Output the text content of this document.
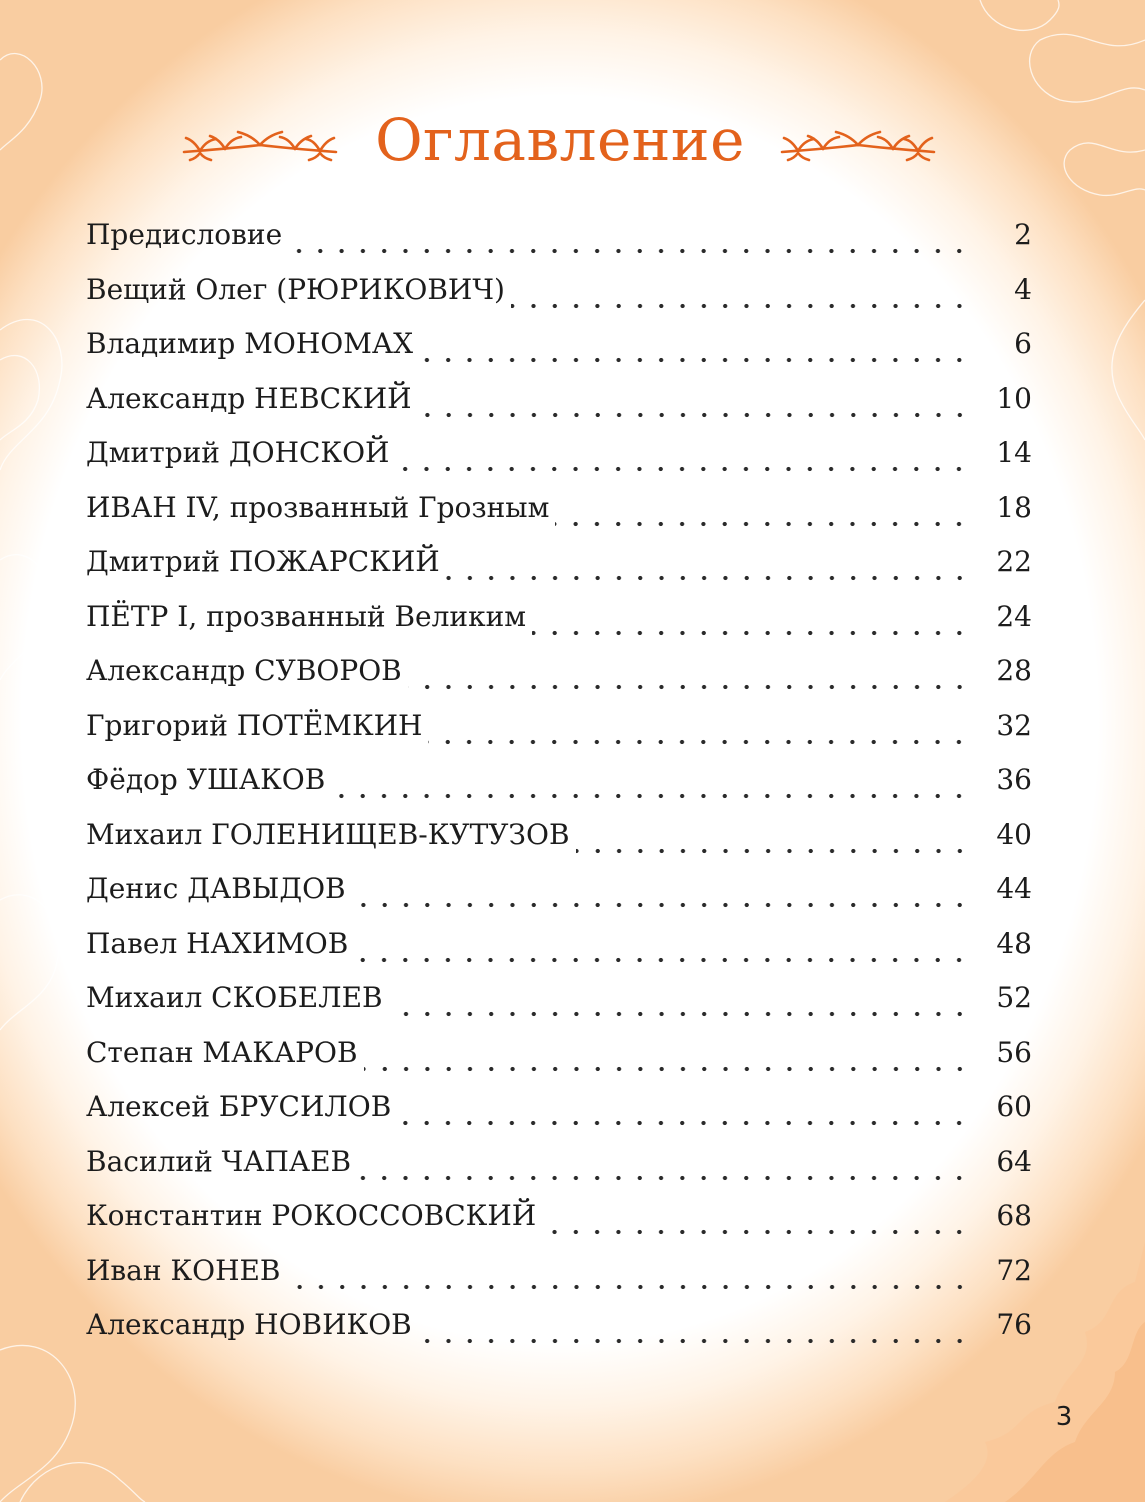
Оглавление
Предисловие	2
Вещий Олег (РЮРИКОВИЧ)	4
Владимир МОНОМАХ	6
Александр НЕВСКИЙ	10
Дмитрий ДОНСКОЙ	14
ИВАН IV, прозванный Грозным	18
Дмитрий ПОЖАРСКИЙ	22
ПЁТР I, прозванный Великим	24
Александр СУВОРОВ	28
Григорий ПОТЁМКИН	32
Фёдор УШАКОВ	36
Михаил ГОЛЕНИЩЕВ-КУТУЗОВ	40
Денис ДАВЫДОВ	44
Павел НАХИМОВ	48
Михаил СКОБЕЛЕВ	52
Степан МАКАРОВ	56
Алексей БРУСИЛОВ	60
Василий ЧАПАЕВ	64
Константин РОКОССОВСКИЙ	68
Иван КОНЕВ	72
Александр НОВИКОВ	76
3
